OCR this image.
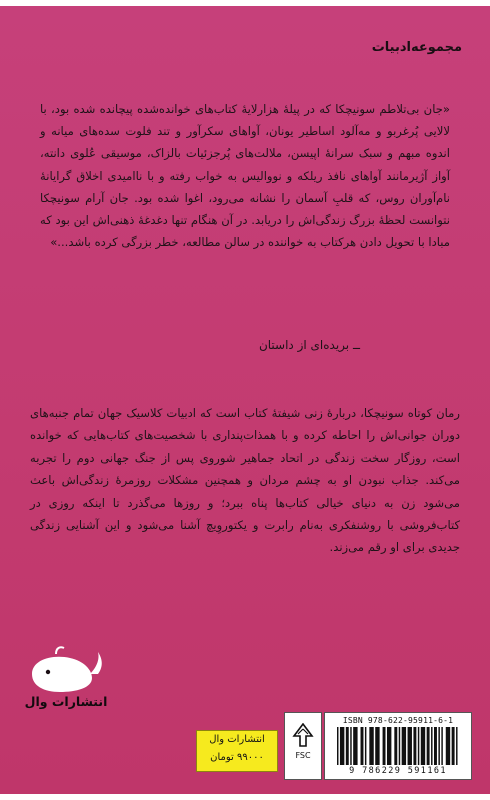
مجموعه‌ادبیات

«جان بی‌تلاطم سونیچکا که در پیلهٔ هزارلایهٔ کتاب‌های خوانده‌شده پیچانده شده بود، با لالایی پُرغربو و مه‌آلود اساطیر یونان، آواهای سکرآور و تند فلوت سده‌های میانه و اندوه مبهم و سبک سرانهٔ اپیسن، ملالت‌های پُرجزئیات بالزاک، موسیقی عُلوی دانته، آواز آژیرمانند آواهای نافذ ریلکه و نووالیس به خواب رفته و با ناامیدی اخلاق گرایانهٔ نام‌آوران روس، که قلبِ آسمان را نشانه می‌رود، اغوا شده بود. جان آرام سونیچکا نتوانست لحظهٔ بزرگ زندگی‌اش را دریابد. در آن هنگام تنها دغدغهٔ ذهنی‌اش این بود که مبادا با تحویل دادن هرکتاب به خواننده در سالن مطالعه، خطر بزرگی کرده باشد...»

ــ بریده‌ای از داستان

رمان کوتاه سونیچکا، دربارهٔ زنی شیفتهٔ کتاب است که ادبیات کلاسیک جهان تمام جنبه‌های دوران جوانی‌اش را احاطه کرده و با همذات‌پنداری با شخصیت‌های کتاب‌هایی که خوانده است، روزگار سخت زندگی در اتحاد جماهیر شوروی پس از جنگ جهانی دوم را تجربه می‌کند. جذاب نبودن او به چشم مردان و همچنین مشکلات روزمرهٔ زندگی‌اش باعث می‌شود زن به دنیای خیالی کتاب‌ها پناه ببرد؛ و روزها می‌گذرد تا اینکه روزی در کتاب‌فروشی با روشنفکری به‌نام رابرت و یکتوروِیچ آشنا می‌شود و این آشنایی زندگی جدیدی برای او رقم می‌زند.

انتشارات وال
انتشارات وال
۹۹۰۰۰ تومان	FSC
ISBN 978-622-95911-6-1
9 786229 591161
